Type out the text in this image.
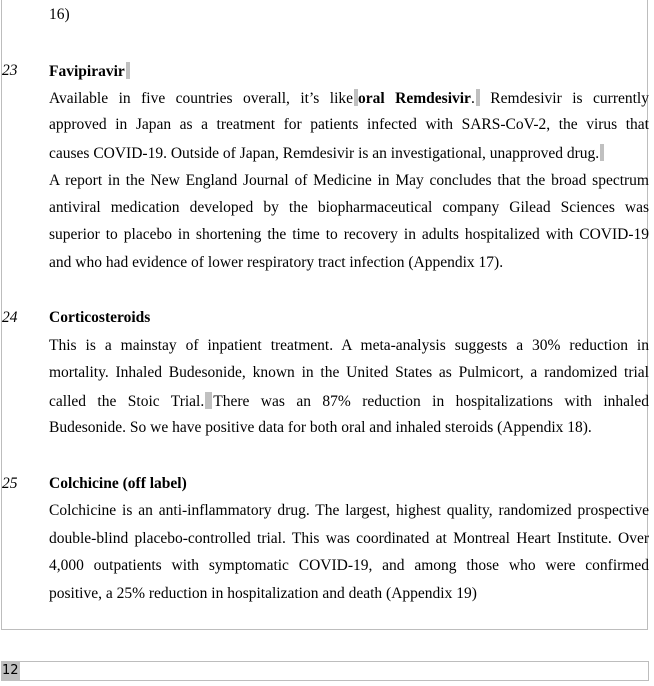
16)
23 Favipiravir
Available in five countries overall, it’s like oral Remdesivir. Remdesivir is currently
approved in Japan as a treatment for patients infected with SARS-CoV-2, the virus that
causes COVID-19. Outside of Japan, Remdesivir is an investigational, unapproved drug.
A report in the New England Journal of Medicine in May concludes that the broad spectrum
antiviral medication developed by the biopharmaceutical company Gilead Sciences was
superior to placebo in shortening the time to recovery in adults hospitalized with COVID-19
and who had evidence of lower respiratory tract infection (Appendix 17).
24 Corticosteroids
This is a mainstay of inpatient treatment. A meta-analysis suggests a 30% reduction in
mortality. Inhaled Budesonide, known in the United States as Pulmicort, a randomized trial
called the Stoic Trial. There was an 87% reduction in hospitalizations with inhaled
Budesonide. So we have positive data for both oral and inhaled steroids (Appendix 18).
25 Colchicine (off label)
Colchicine is an anti-inflammatory drug. The largest, highest quality, randomized prospective
double-blind placebo-controlled trial. This was coordinated at Montreal Heart Institute. Over
4,000 outpatients with symptomatic COVID-19, and among those who were confirmed
positive, a 25% reduction in hospitalization and death (Appendix 19)
12
